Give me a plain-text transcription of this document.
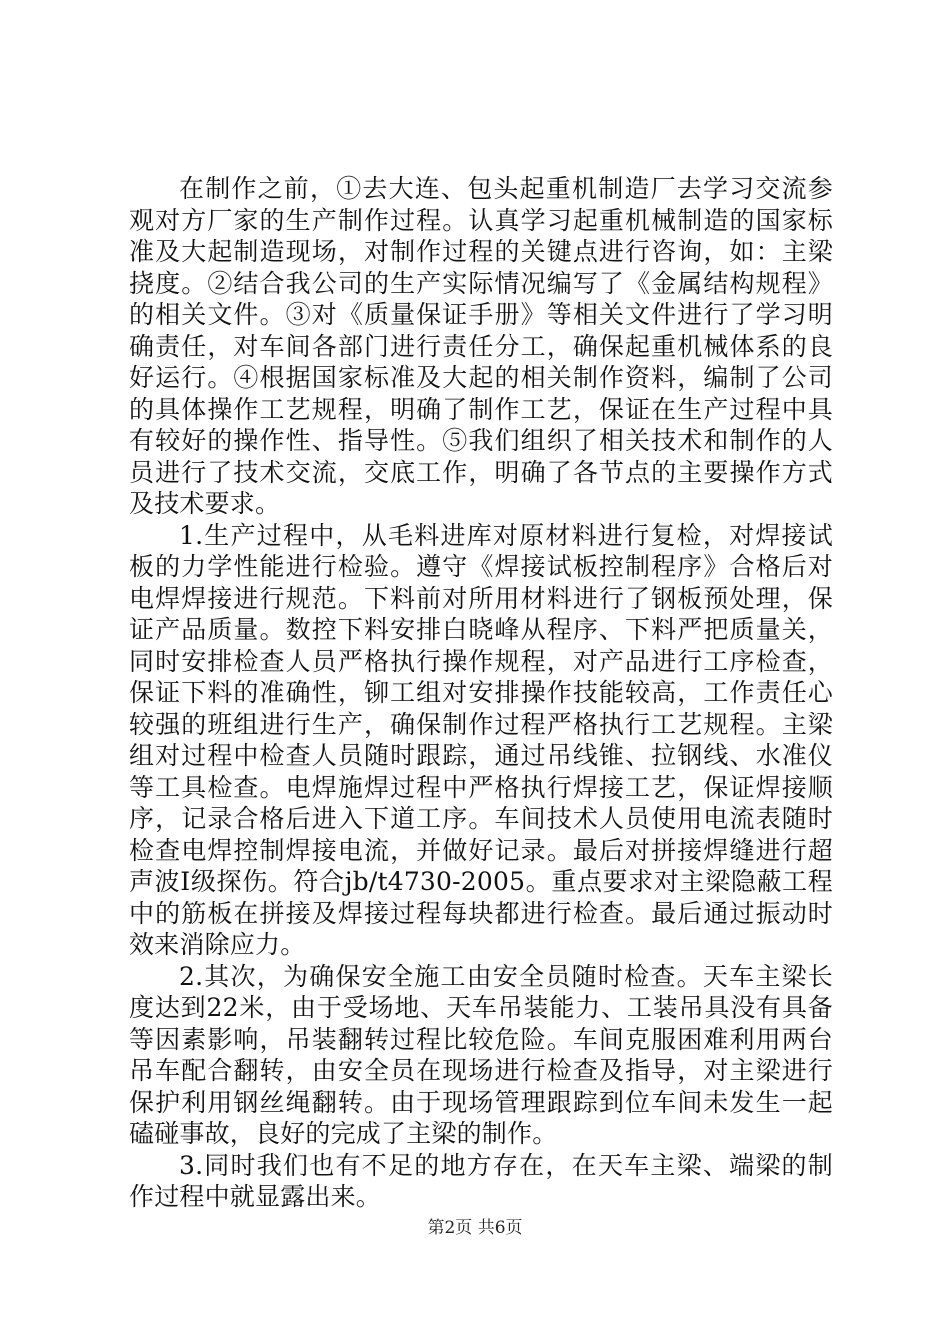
在制作之前，①去大连、包头起重机制造厂去学习交流参观对方厂家的生产制作过程。认真学习起重机械制造的国家标准及大起制造现场，对制作过程的关键点进行咨询，如：主梁挠度。②结合我公司的生产实际情况编写了《金属结构规程》的相关文件。③对《质量保证手册》等相关文件进行了学习明确责任，对车间各部门进行责任分工，确保起重机械体系的良好运行。④根据国家标准及大起的相关制作资料，编制了公司的具体操作工艺规程，明确了制作工艺，保证在生产过程中具有较好的操作性、指导性。⑤我们组织了相关技术和制作的人员进行了技术交流，交底工作，明确了各节点的主要操作方式及技术要求。

1.生产过程中，从毛料进库对原材料进行复检，对焊接试板的力学性能进行检验。遵守《焊接试板控制程序》合格后对电焊焊接进行规范。下料前对所用材料进行了钢板预处理，保证产品质量。数控下料安排白晓峰从程序、下料严把质量关，同时安排检查人员严格执行操作规程，对产品进行工序检查，保证下料的准确性，铆工组对安排操作技能较高，工作责任心较强的班组进行生产，确保制作过程严格执行工艺规程。主梁组对过程中检查人员随时跟踪，通过吊线锥、拉钢线、水准仪等工具检查。电焊施焊过程中严格执行焊接工艺，保证焊接顺序，记录合格后进入下道工序。车间技术人员使用电流表随时检查电焊控制焊接电流，并做好记录。最后对拼接焊缝进行超声波Ⅰ级探伤。符合jb/t4730-2005。重点要求对主梁隐蔽工程中的筋板在拼接及焊接过程每块都进行检查。最后通过振动时效来消除应力。

2.其次，为确保安全施工由安全员随时检查。天车主梁长度达到22米，由于受场地、天车吊装能力、工装吊具没有具备等因素影响，吊装翻转过程比较危险。车间克服困难利用两台吊车配合翻转，由安全员在现场进行检查及指导，对主梁进行保护利用钢丝绳翻转。由于现场管理跟踪到位车间未发生一起磕碰事故，良好的完成了主梁的制作。

3.同时我们也有不足的地方存在，在天车主梁、端梁的制作过程中就显露出来。

第2页 共6页
